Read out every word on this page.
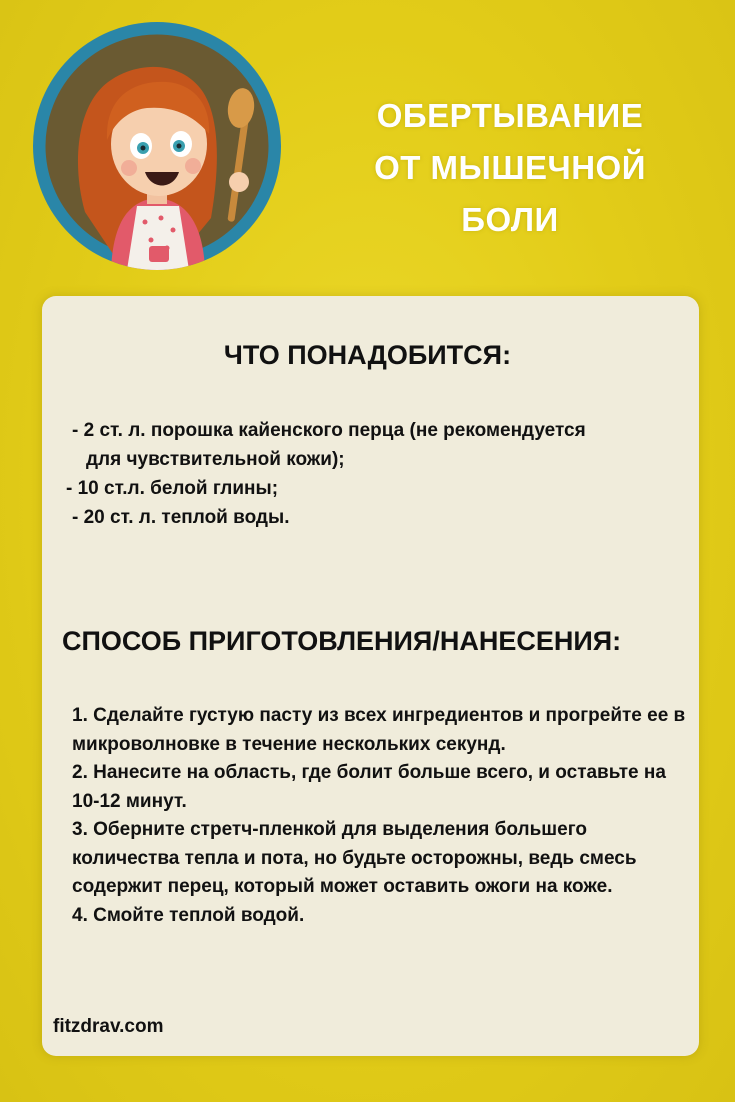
ОБЕРТЫВАНИЕ
ОТ МЫШЕЧНОЙ
БОЛИ
ЧТО ПОНАДОБИТСЯ:
- 2 ст. л. порошка кайенского перца (не рекомендуется
для чувствительной кожи);
- 10 ст.л. белой глины;
- 20 ст. л. теплой воды.
СПОСОБ ПРИГОТОВЛЕНИЯ/НАНЕСЕНИЯ:

1. Сделайте густую пасту из всех ингредиентов и прогрейте ее в микроволновке в течение нескольких секунд.

2. Нанесите на область, где болит больше всего, и оставьте на 10-12 минут.

3. Оберните стретч-пленкой для выделения большего количества тепла и пота, но будьте осторожны, ведь смесь содержит перец, который может оставить ожоги на коже.

4. Смойте теплой водой.

fitzdrav.com
